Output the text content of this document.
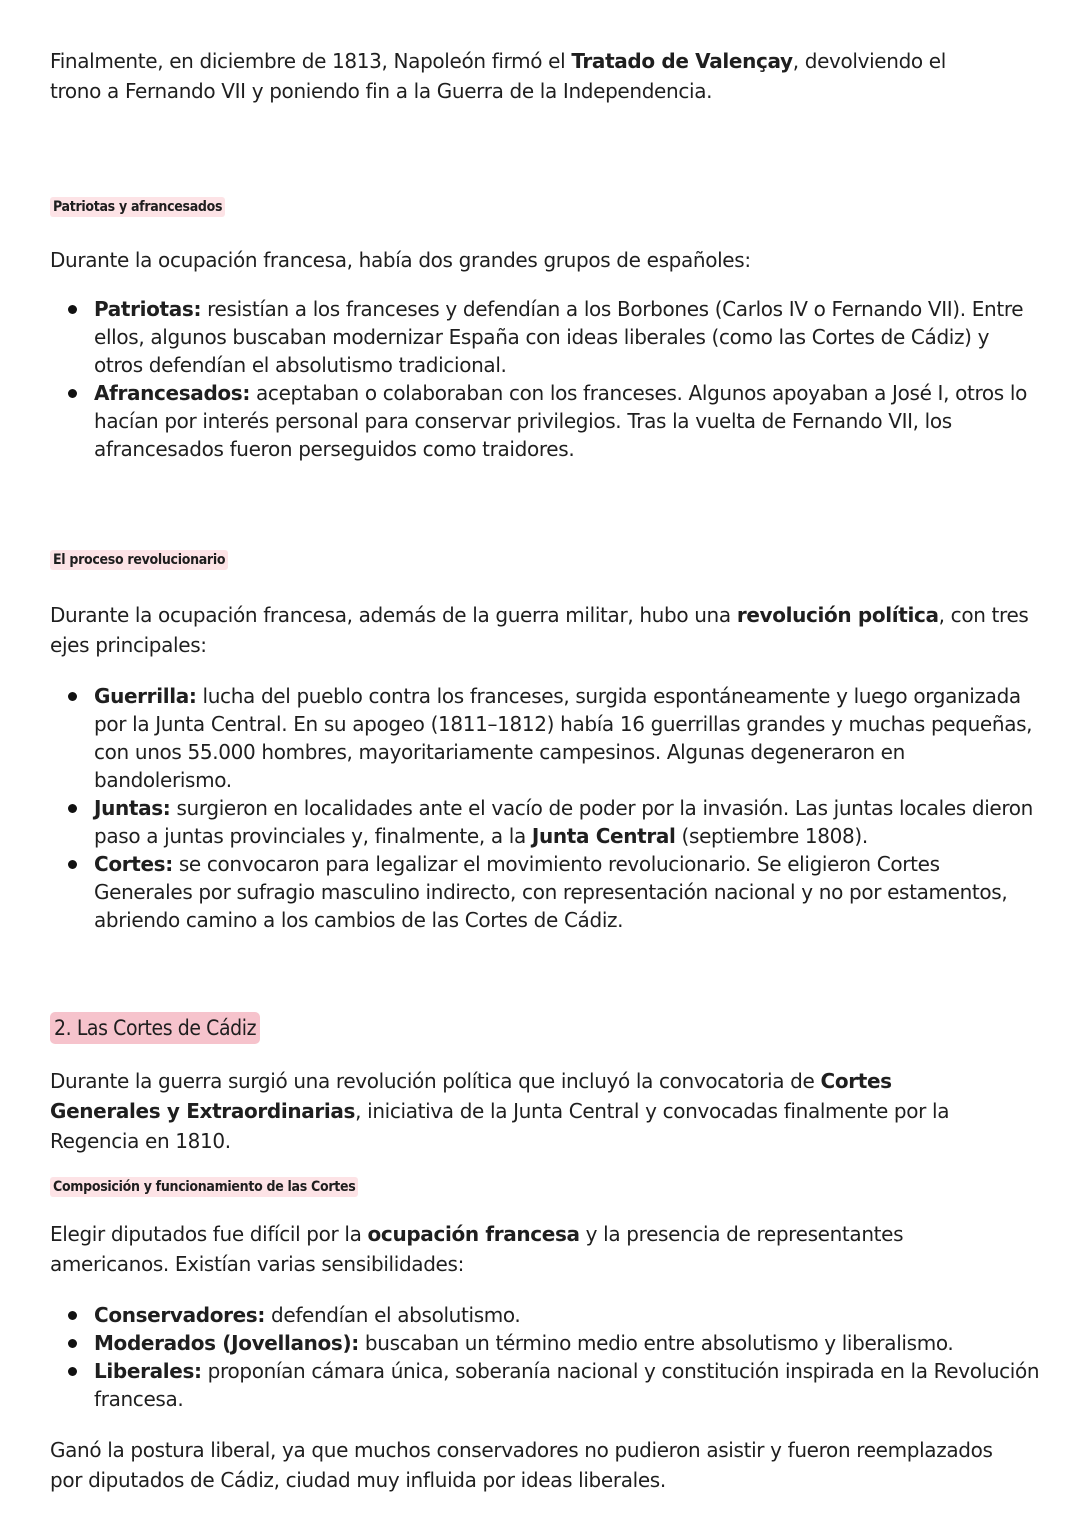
Finalmente, en diciembre de 1813, Napoleón firmó el Tratado de Valençay, devolviendo el trono a Fernando VII y poniendo fin a la Guerra de la Independencia.

Patriotas y afrancesados

Durante la ocupación francesa, había dos grandes grupos de españoles:

Patriotas: resistían a los franceses y defendían a los Borbones (Carlos IV o Fernando VII). Entre ellos, algunos buscaban modernizar España con ideas liberales (como las Cortes de Cádiz) y otros defendían el absolutismo tradicional.
Afrancesados: aceptaban o colaboraban con los franceses. Algunos apoyaban a José I, otros lo hacían por interés personal para conservar privilegios. Tras la vuelta de Fernando VII, los afrancesados fueron perseguidos como traidores.
El proceso revolucionario

Durante la ocupación francesa, además de la guerra militar, hubo una revolución política, con tres ejes principales:

Guerrilla: lucha del pueblo contra los franceses, surgida espontáneamente y luego organizada por la Junta Central. En su apogeo (1811–1812) había 16 guerrillas grandes y muchas pequeñas, con unos 55.000 hombres, mayoritariamente campesinos. Algunas degeneraron en bandolerismo.
Juntas: surgieron en localidades ante el vacío de poder por la invasión. Las juntas locales dieron paso a juntas provinciales y, finalmente, a la Junta Central (septiembre 1808).
Cortes: se convocaron para legalizar el movimiento revolucionario. Se eligieron Cortes Generales por sufragio masculino indirecto, con representación nacional y no por estamentos, abriendo camino a los cambios de las Cortes de Cádiz.
2. Las Cortes de Cádiz

Durante la guerra surgió una revolución política que incluyó la convocatoria de Cortes Generales y Extraordinarias, iniciativa de la Junta Central y convocadas finalmente por la Regencia en 1810.

Composición y funcionamiento de las Cortes

Elegir diputados fue difícil por la ocupación francesa y la presencia de representantes americanos. Existían varias sensibilidades:

Conservadores: defendían el absolutismo.
Moderados (Jovellanos): buscaban un término medio entre absolutismo y liberalismo.
Liberales: proponían cámara única, soberanía nacional y constitución inspirada en la Revolución francesa.

Ganó la postura liberal, ya que muchos conservadores no pudieron asistir y fueron reemplazados por diputados de Cádiz, ciudad muy influida por ideas liberales.
